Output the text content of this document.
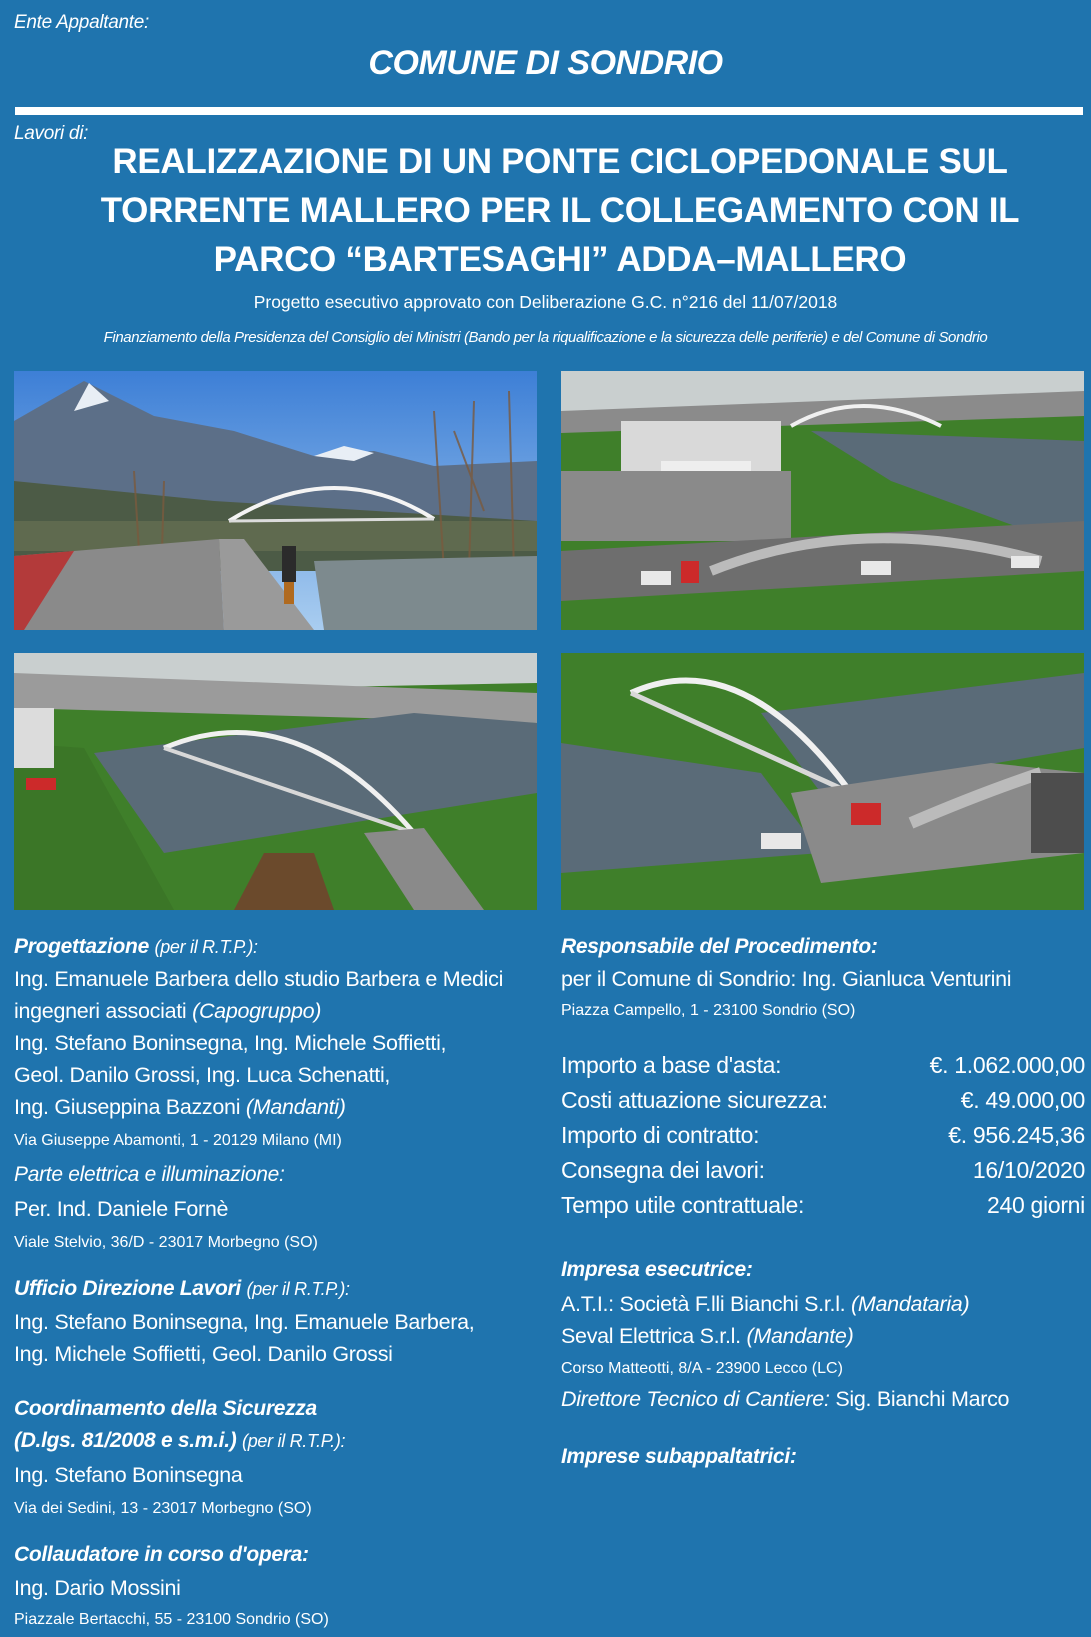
Ente Appaltante:
COMUNE DI SONDRIO
Lavori di:
REALIZZAZIONE DI UN PONTE CICLOPEDONALE SUL
TORRENTE MALLERO PER IL COLLEGAMENTO CON IL
PARCO “BARTESAGHI” ADDA–MALLERO
Progetto esecutivo approvato con Deliberazione G.C. n°216 del 11/07/2018
Finanziamento della Presidenza del Consiglio dei Ministri (Bando per la riqualificazione e la sicurezza delle periferie) e del Comune di Sondrio
Progettazione (per il R.T.P.):
Ing. Emanuele Barbera dello studio Barbera e Medici
ingegneri associati (Capogruppo)
Ing. Stefano Boninsegna, Ing. Michele Soffietti,
Geol. Danilo Grossi, Ing. Luca Schenatti,
Ing. Giuseppina Bazzoni (Mandanti)
Via Giuseppe Abamonti, 1 - 20129 Milano (MI)
Parte elettrica e illuminazione:
Per. Ind. Daniele Fornè
Viale Stelvio, 36/D - 23017 Morbegno (SO)
Ufficio Direzione Lavori (per il R.T.P.):
Ing. Stefano Boninsegna, Ing. Emanuele Barbera,
Ing. Michele Soffietti, Geol. Danilo Grossi
Coordinamento della Sicurezza
(D.lgs. 81/2008 e s.m.i.) (per il R.T.P.):
Ing. Stefano Boninsegna
Via dei Sedini, 13 - 23017 Morbegno (SO)
Collaudatore in corso d'opera:
Ing. Dario Mossini
Piazzale Bertacchi, 55 - 23100 Sondrio (SO)
Responsabile del Procedimento:
per il Comune di Sondrio: Ing. Gianluca Venturini
Piazza Campello, 1 - 23100 Sondrio (SO)
Importo a base d'asta:	€. 1.062.000,00
Costi attuazione sicurezza:	€. 49.000,00
Importo di contratto:	€. 956.245,36
Consegna dei lavori:	16/10/2020
Tempo utile contrattuale:	240 giorni
Impresa esecutrice:
A.T.I.: Società F.lli Bianchi S.r.l. (Mandataria)
Seval Elettrica S.r.l. (Mandante)
Corso Matteotti, 8/A - 23900 Lecco (LC)
Direttore Tecnico di Cantiere: Sig. Bianchi Marco
Imprese subappaltatrici:
